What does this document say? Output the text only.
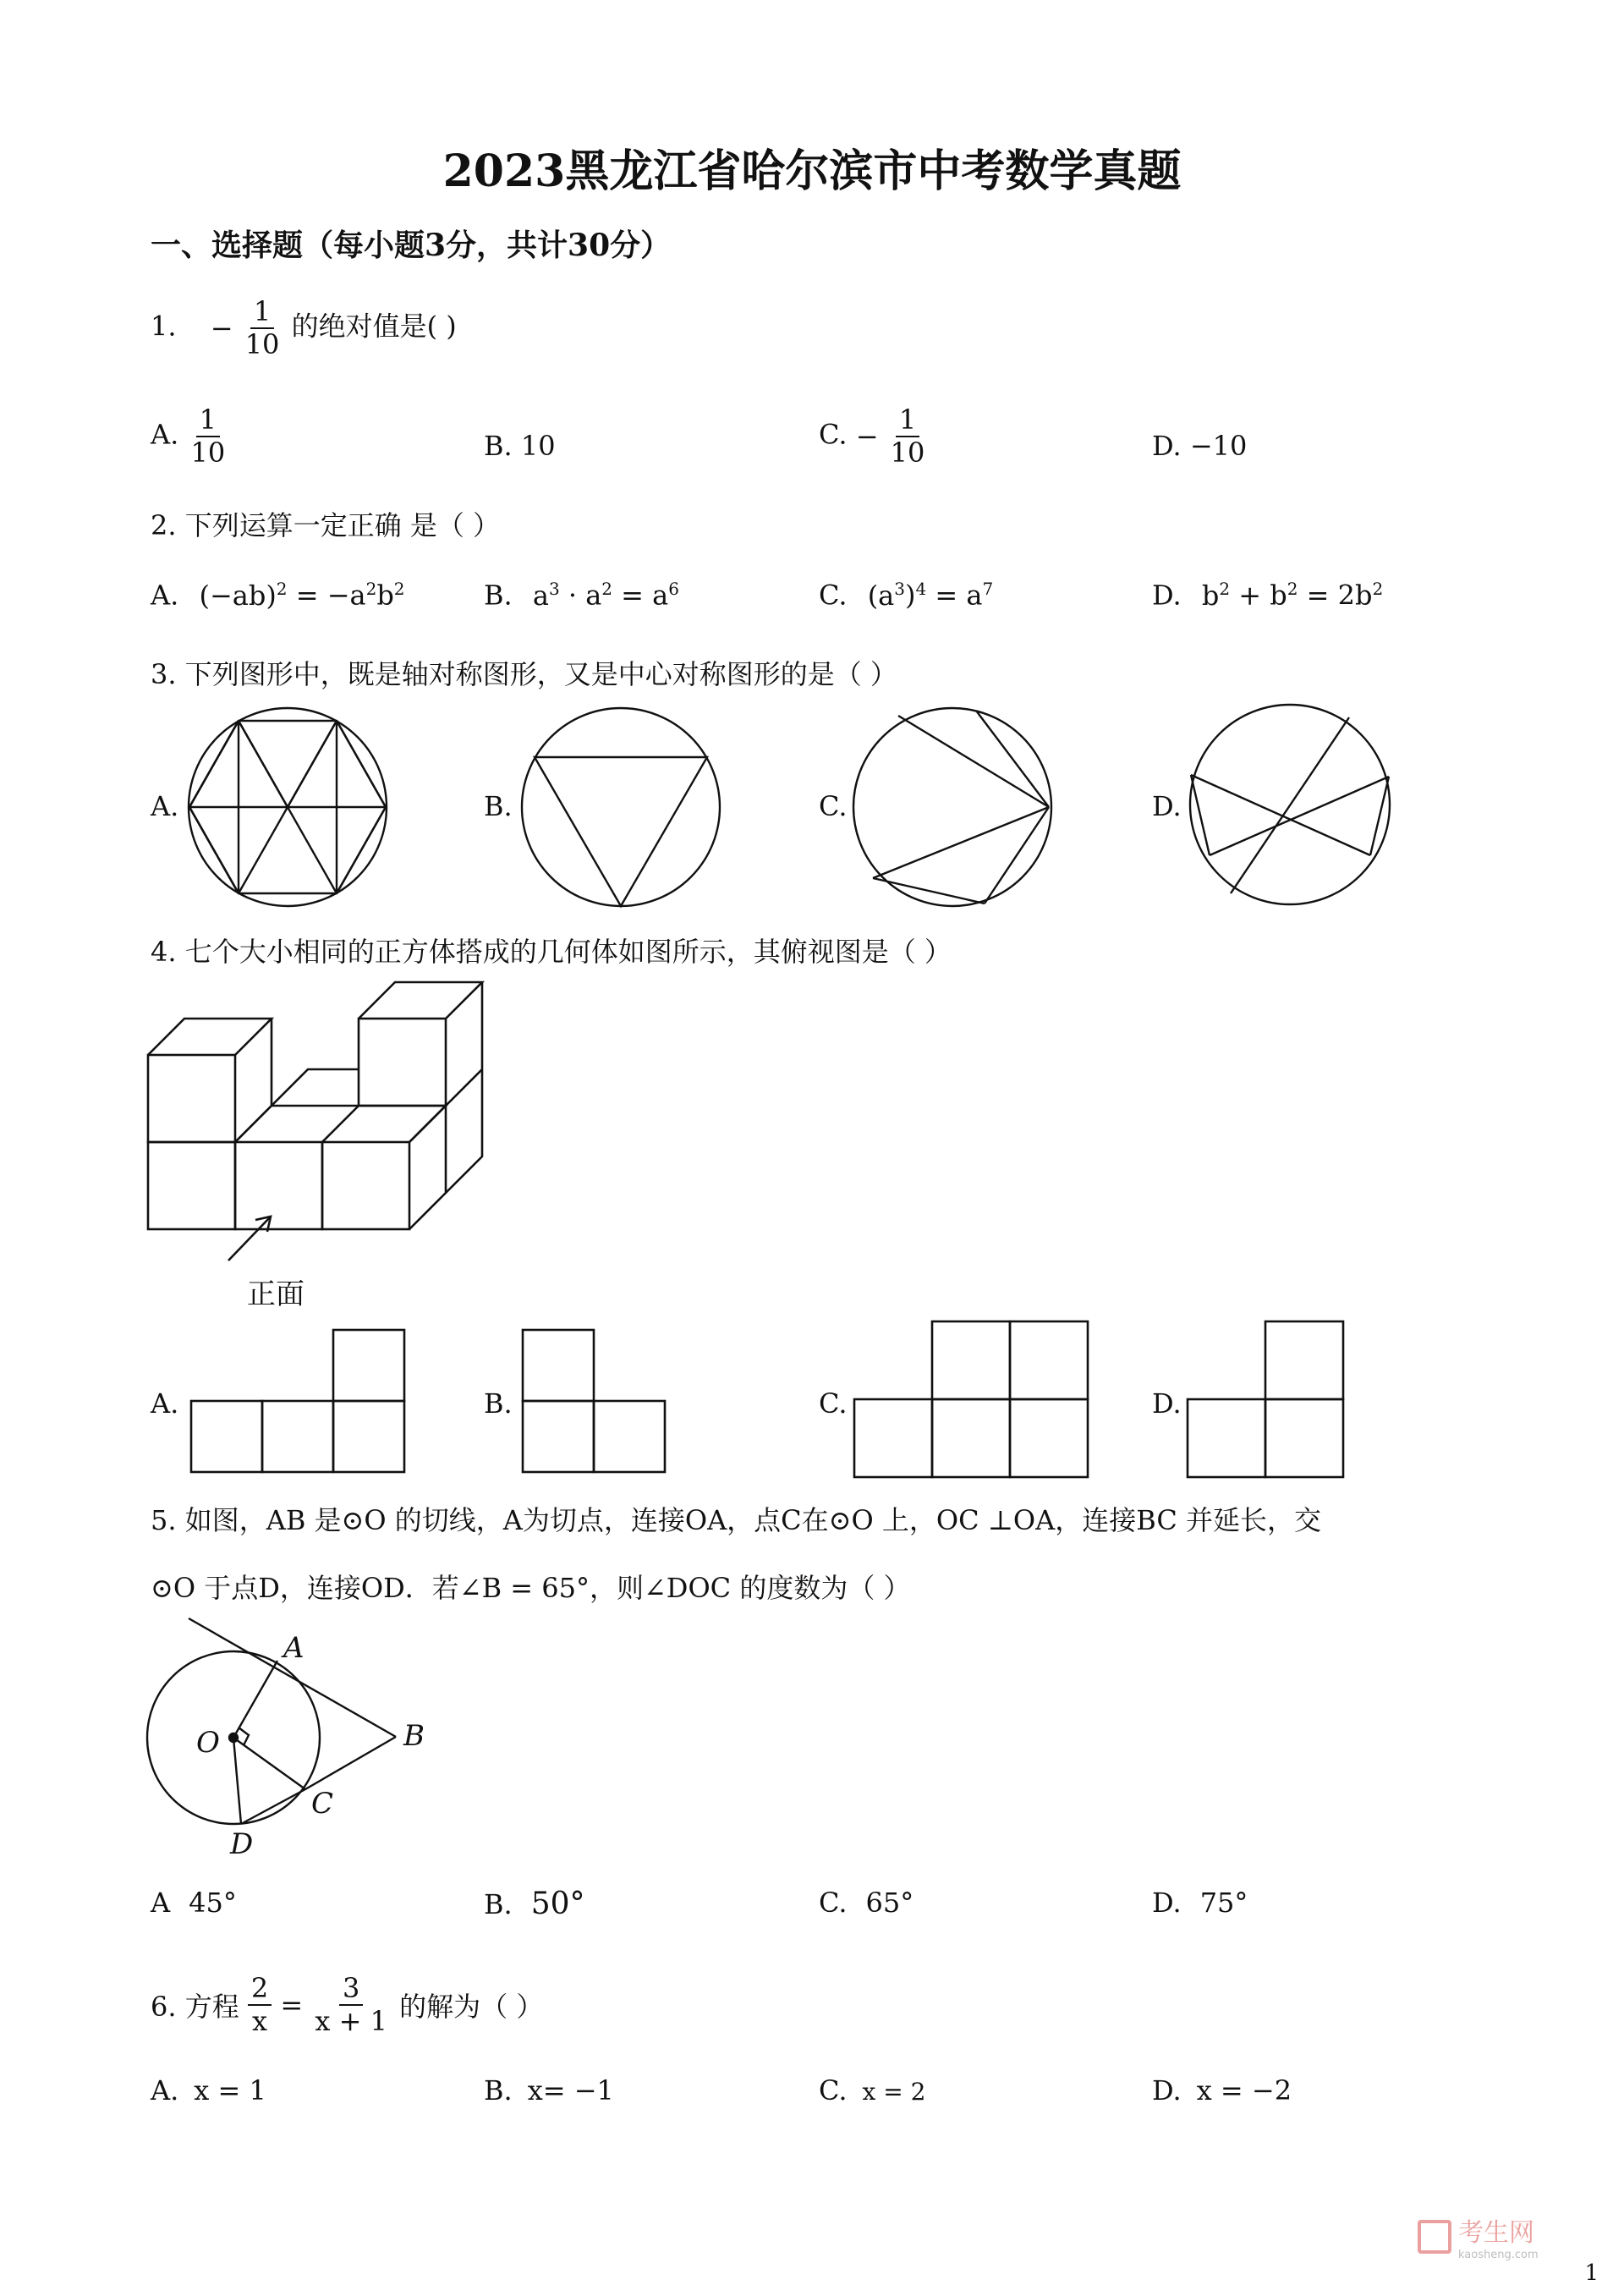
2023黑龙江省哈尔滨市中考数学真题
一、选择题（每小题3分，共计30分）
1. − $\frac{1}{10}$ 的绝对值是( )
A. $\frac{1}{10}$	B. 10	C. − $\frac{1}{10}$	D. −10
2. 下列运算一定正确 是（ ）
A. $(-ab)^2 = -a^2b^2$	B. $a^3 \cdot a^2 = a^6$	C. $(a^3)^4 = a^7$	D. $b^2 + b^2 = 2b^2$
3. 下列图形中，既是轴对称图形，又是中心对称图形的是（ ）
A.	B.	C.	D.
4. 七个大小相同的正方体搭成的几何体如图所示，其俯视图是（ ）
正面
A.	B.	C.	D.
5. 如图，AB 是⊙O 的切线，A为切点，连接OA，点C在⊙O 上，OC ⊥OA，连接BC 并延长，交
⊙O 于点D，连接OD．若∠B = 65°，则∠DOC 的度数为（ ）
A
B
O
C
D
A 45°	B. 50°	C. 65°	D. 75°
6. 方程 $\frac{2}{x} = \frac{3}{x + 1}$ 的解为（ ）
A. x = 1	B. x= −1	C. x = 2	D. x = −2
考生网
kaosheng.com
1
